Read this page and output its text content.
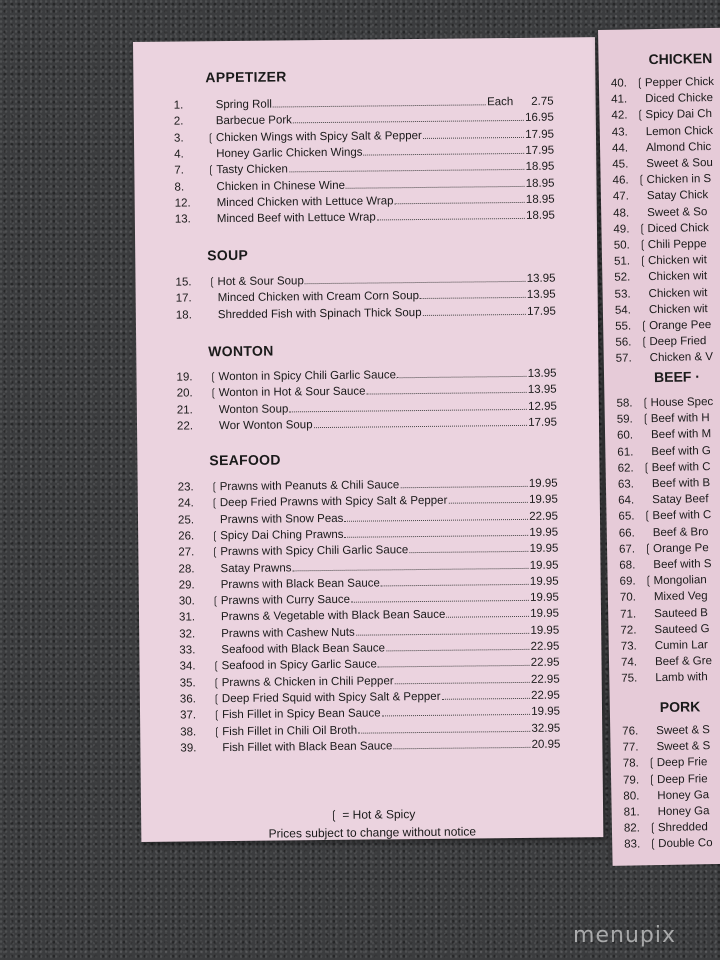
APPETIZER
1.	Spring Roll	Each 2.75
2.	Barbecue Pork	16.95
3.	❲ Chicken Wings with Spicy Salt & Pepper	17.95
4.	Honey Garlic Chicken Wings	17.95
7.	❲ Tasty Chicken	18.95
8.	Chicken in Chinese Wine	18.95
12.	Minced Chicken with Lettuce Wrap	18.95
13.	Minced Beef with Lettuce Wrap	18.95
SOUP
15.	❲ Hot & Sour Soup	13.95
17.	Minced Chicken with Cream Corn Soup	13.95
18.	Shredded Fish with Spinach Thick Soup	17.95
WONTON
19.	❲ Wonton in Spicy Chili Garlic Sauce	13.95
20.	❲ Wonton in Hot & Sour Sauce	13.95
21.	Wonton Soup	12.95
22.	Wor Wonton Soup	17.95
SEAFOOD
23.	❲ Prawns with Peanuts & Chili Sauce	19.95
24.	❲ Deep Fried Prawns with Spicy Salt & Pepper	19.95
25.	Prawns with Snow Peas	22.95
26.	❲ Spicy Dai Ching Prawns	19.95
27.	❲ Prawns with Spicy Chili Garlic Sauce	19.95
28.	Satay Prawns	19.95
29.	Prawns with Black Bean Sauce	19.95
30.	❲ Prawns with Curry Sauce	19.95
31.	Prawns & Vegetable with Black Bean Sauce	19.95
32.	Prawns with Cashew Nuts	19.95
33.	Seafood with Black Bean Sauce	22.95
34.	❲ Seafood in Spicy Garlic Sauce	22.95
35.	❲ Prawns & Chicken in Chili Pepper	22.95
36.	❲ Deep Fried Squid with Spicy Salt & Pepper	22.95
37.	❲ Fish Fillet in Spicy Bean Sauce	19.95
38.	❲ Fish Fillet in Chili Oil Broth	32.95
39.	Fish Fillet with Black Bean Sauce	20.95
❲ = Hot & Spicy
Prices subject to change without notice
CHICKEN
40. ❲Pepper Chick
41. Diced Chicke
42. ❲Spicy Dai Ch
43. Lemon Chick
44. Almond Chic
45. Sweet & Sou
46. ❲Chicken in S
47. Satay Chick
48. Sweet & So
49. ❲Diced Chick
50. ❲Chili Peppe
51. ❲Chicken wit
52. Chicken wit
53. Chicken wit
54. Chicken wit
55. ❲Orange Pee
56. ❲Deep Fried
57. Chicken & V
BEEF ·
58. ❲House Spec
59. ❲Beef with H
60. Beef with M
61. Beef with G
62. ❲Beef with C
63. Beef with B
64. Satay Beef
65. ❲Beef with C
66. Beef & Bro
67. ❲Orange Pe
68. Beef with S
69. ❲Mongolian
70. Mixed Veg
71. Sauteed B
72. Sauteed G
73. Cumin Lar
74. Beef & Gre
75. Lamb with
PORK
76. Sweet & S
77. Sweet & S
78. ❲Deep Frie
79. ❲Deep Frie
80. Honey Ga
81. Honey Ga
82. ❲Shredded
83. ❲Double Co
menupix
